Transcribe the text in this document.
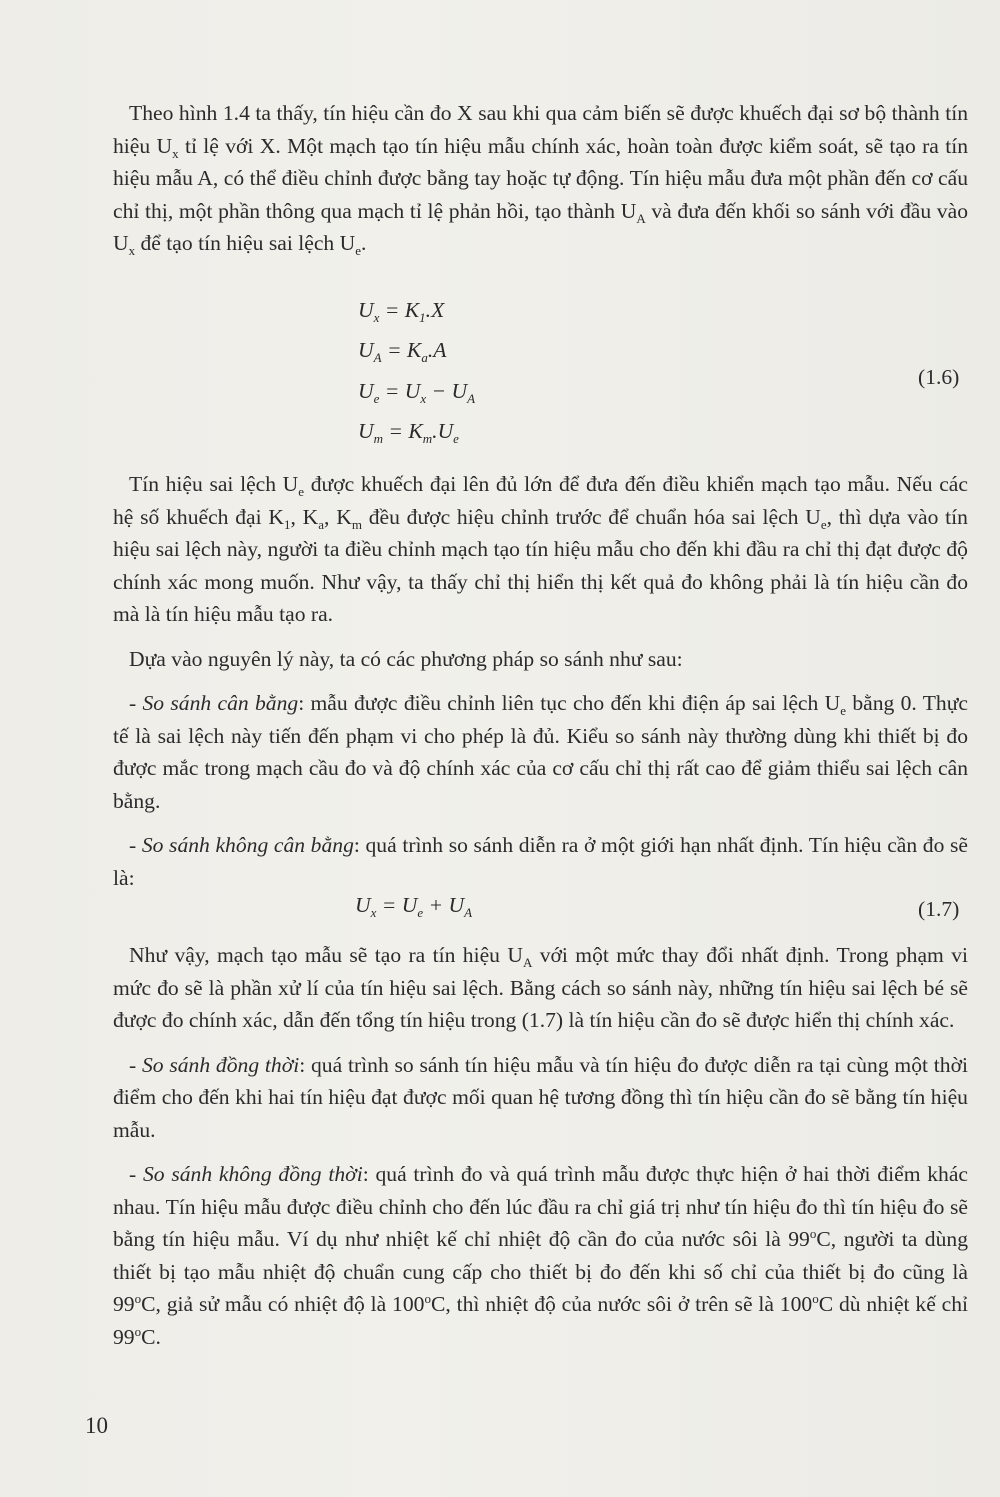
Theo hình 1.4 ta thấy, tín hiệu cần đo X sau khi qua cảm biến sẽ được khuếch đại sơ bộ thành tín hiệu $U_x$ tỉ lệ với X. Một mạch tạo tín hiệu mẫu chính xác, hoàn toàn được kiểm soát, sẽ tạo ra tín hiệu mẫu A, có thể điều chỉnh được bằng tay hoặc tự động. Tín hiệu mẫu đưa một phần đến cơ cấu chỉ thị, một phần thông qua mạch tỉ lệ phản hồi, tạo thành $U_A$ và đưa đến khối so sánh với đầu vào $U_x$ để tạo tín hiệu sai lệch $U_e$.

$U_x = K_1.X$
$U_A = K_a.A$
$U_e = U_x - U_A$
$U_m = K_m.U_e$
(1.6)

Tín hiệu sai lệch $U_e$ được khuếch đại lên đủ lớn để đưa đến điều khiển mạch tạo mẫu. Nếu các hệ số khuếch đại $K_1$, $K_a$, $K_m$ đều được hiệu chỉnh trước để chuẩn hóa sai lệch $U_e$, thì dựa vào tín hiệu sai lệch này, người ta điều chỉnh mạch tạo tín hiệu mẫu cho đến khi đầu ra chỉ thị đạt được độ chính xác mong muốn. Như vậy, ta thấy chỉ thị hiển thị kết quả đo không phải là tín hiệu cần đo mà là tín hiệu mẫu tạo ra.

Dựa vào nguyên lý này, ta có các phương pháp so sánh như sau:

- So sánh cân bằng: mẫu được điều chỉnh liên tục cho đến khi điện áp sai lệch $U_e$ bằng 0. Thực tế là sai lệch này tiến đến phạm vi cho phép là đủ. Kiểu so sánh này thường dùng khi thiết bị đo được mắc trong mạch cầu đo và độ chính xác của cơ cấu chỉ thị rất cao để giảm thiểu sai lệch cân bằng.

- So sánh không cân bằng: quá trình so sánh diễn ra ở một giới hạn nhất định. Tín hiệu cần đo sẽ là:

$U_x = U_e + U_A$	(1.7)

Như vậy, mạch tạo mẫu sẽ tạo ra tín hiệu $U_A$ với một mức thay đổi nhất định. Trong phạm vi mức đo sẽ là phần xử lí của tín hiệu sai lệch. Bằng cách so sánh này, những tín hiệu sai lệch bé sẽ được đo chính xác, dẫn đến tổng tín hiệu trong (1.7) là tín hiệu cần đo sẽ được hiển thị chính xác.

- So sánh đồng thời: quá trình so sánh tín hiệu mẫu và tín hiệu đo được diễn ra tại cùng một thời điểm cho đến khi hai tín hiệu đạt được mối quan hệ tương đồng thì tín hiệu cần đo sẽ bằng tín hiệu mẫu.

- So sánh không đồng thời: quá trình đo và quá trình mẫu được thực hiện ở hai thời điểm khác nhau. Tín hiệu mẫu được điều chỉnh cho đến lúc đầu ra chỉ giá trị như tín hiệu đo thì tín hiệu đo sẽ bằng tín hiệu mẫu. Ví dụ như nhiệt kế chỉ nhiệt độ cần đo của nước sôi là 99$^o$C, người ta dùng thiết bị tạo mẫu nhiệt độ chuẩn cung cấp cho thiết bị đo đến khi số chỉ của thiết bị đo cũng là 99$^o$C, giả sử mẫu có nhiệt độ là 100$^o$C, thì nhiệt độ của nước sôi ở trên sẽ là 100$^o$C dù nhiệt kế chỉ 99$^o$C.

10
